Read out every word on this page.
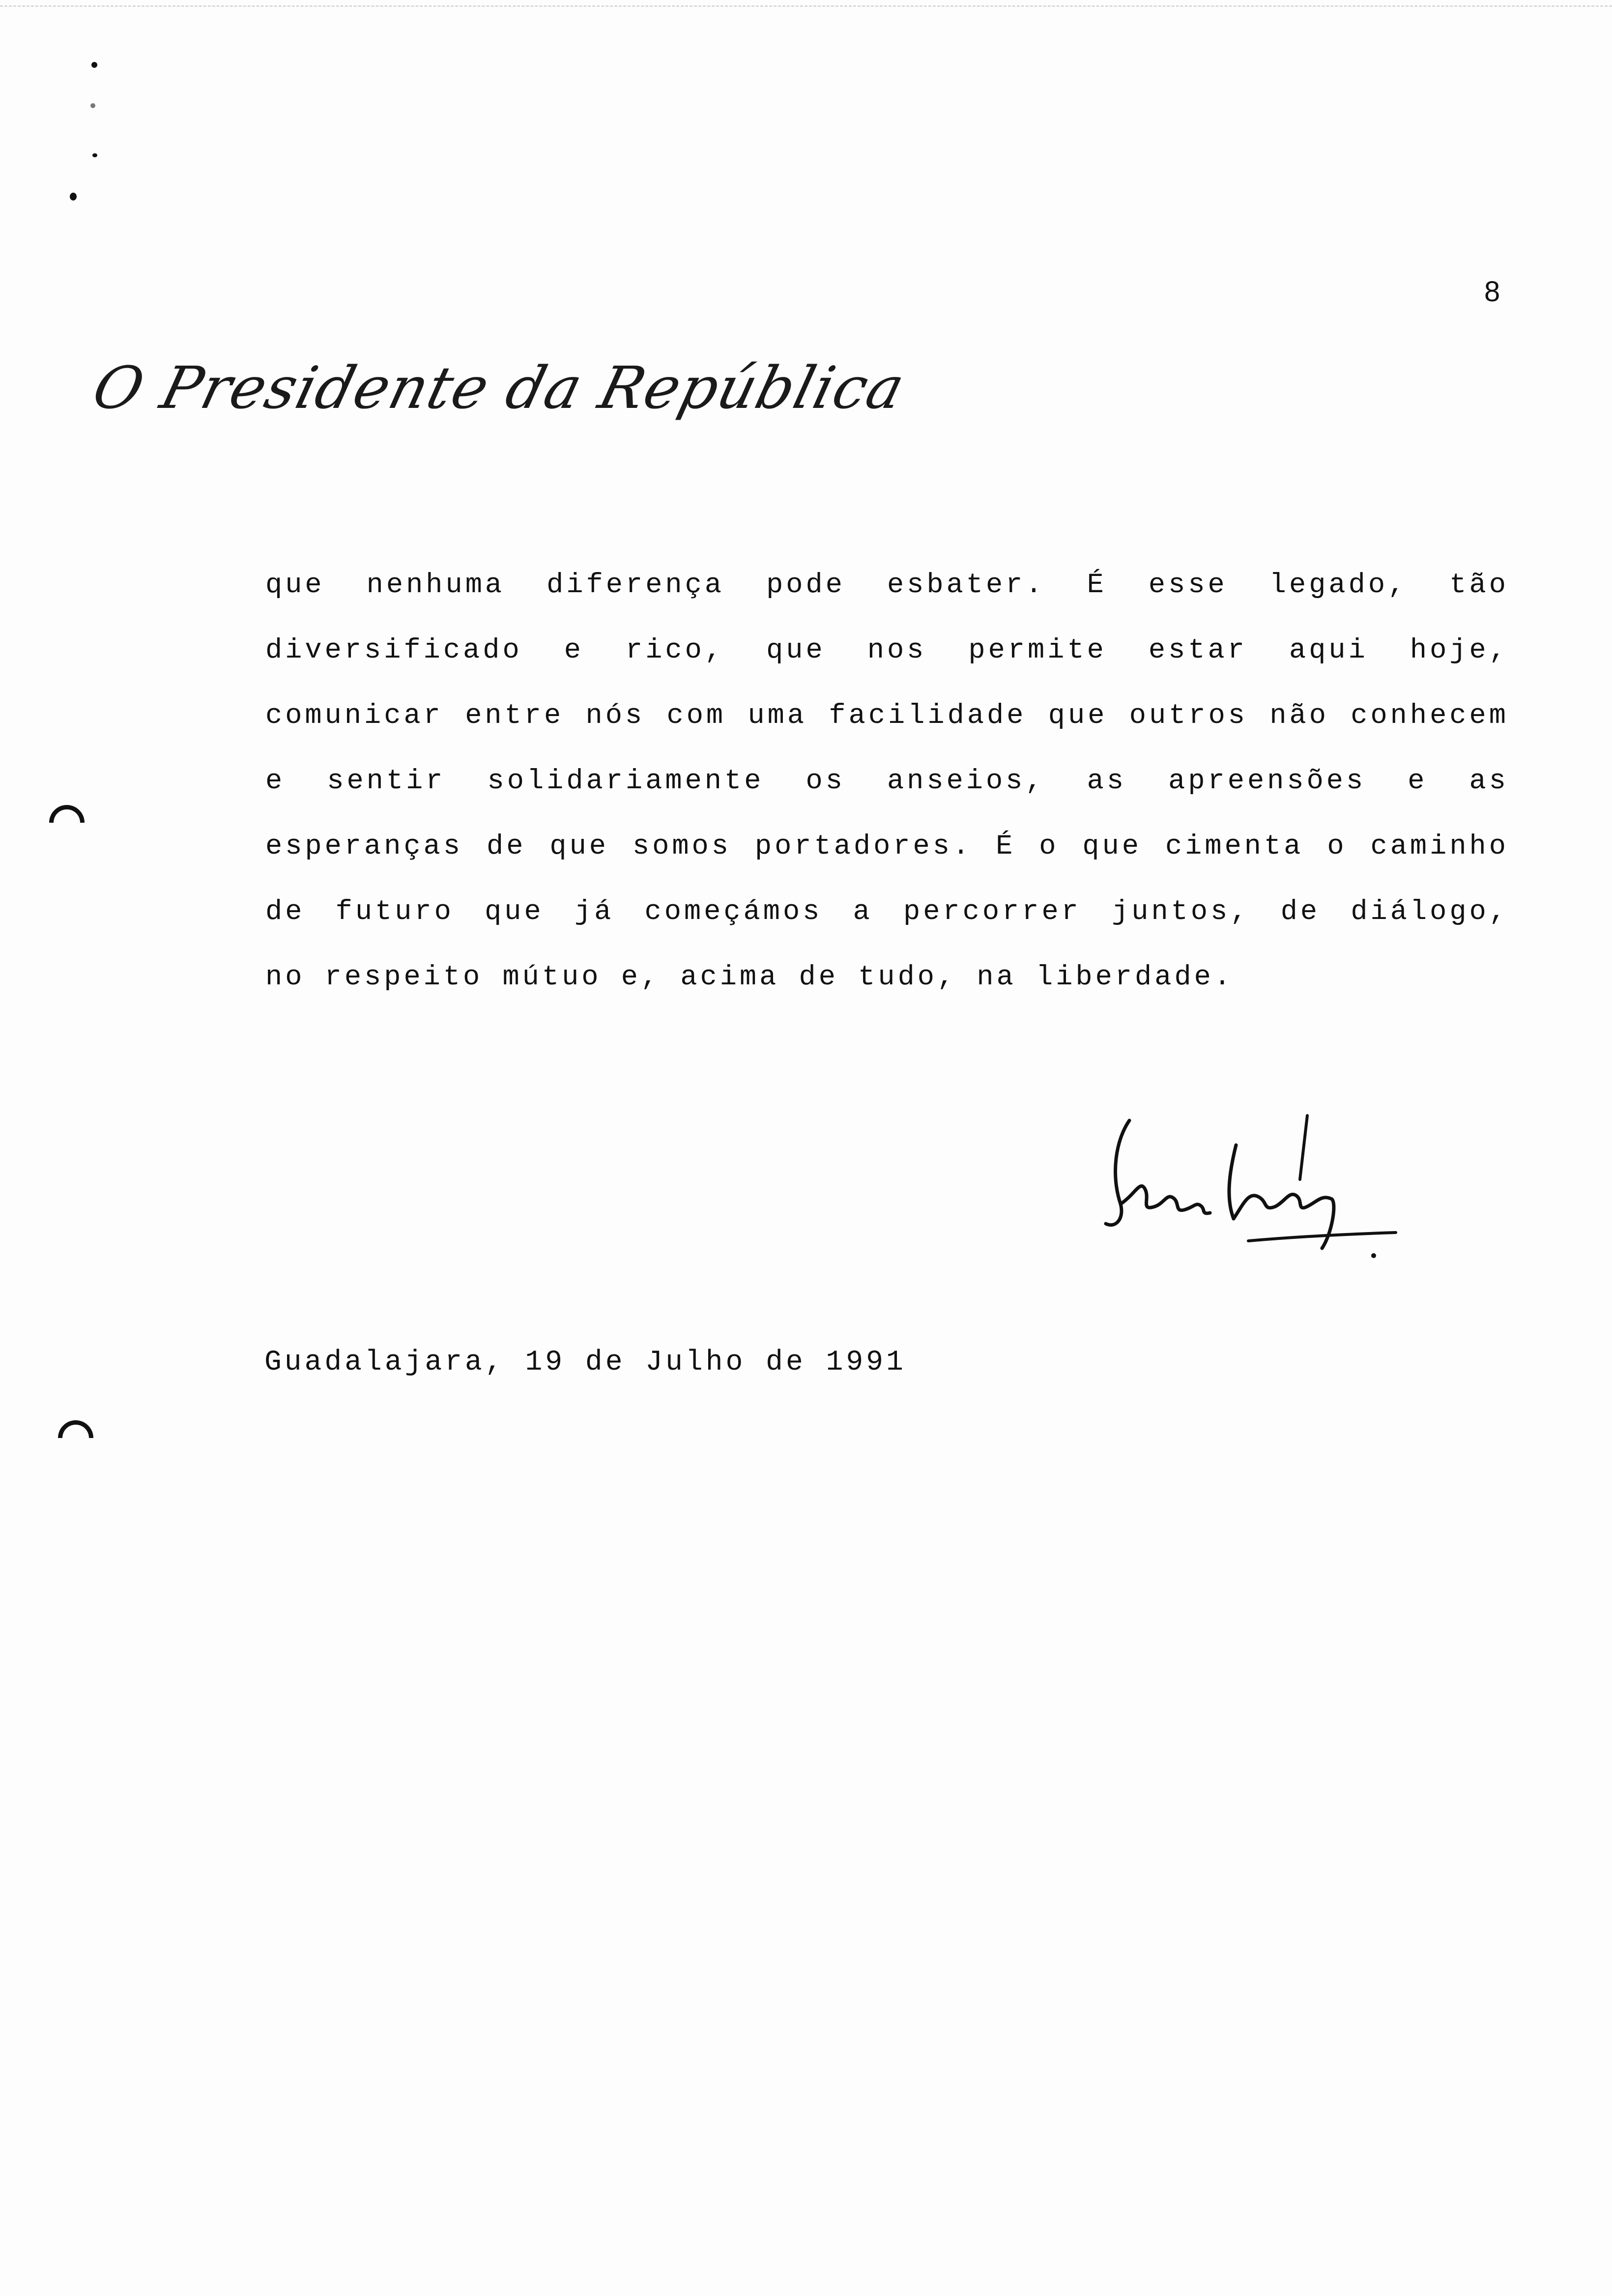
8
O Presidente da República
que nenhuma diferença pode esbater. É esse legado, tão
diversificado e rico, que nos permite estar aqui hoje,
comunicar entre nós com uma facilidade que outros não conhecem
e sentir solidariamente os anseios, as apreensões e as
esperanças de que somos portadores. É o que cimenta o caminho
de futuro que já começámos a percorrer juntos, de diálogo,
no respeito mútuo e, acima de tudo, na liberdade.
Guadalajara, 19 de Julho de 1991
